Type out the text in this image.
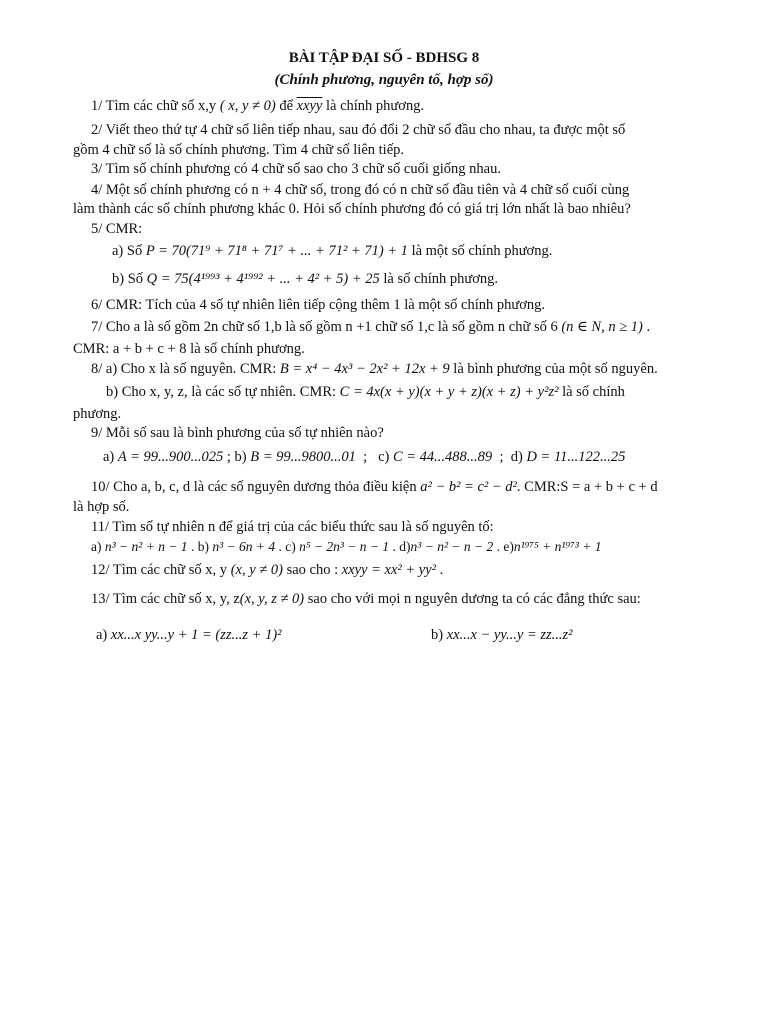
BÀI TẬP ĐẠI SỐ - BDHSG 8

(Chính phương, nguyên tố, hợp số)

1/ Tìm các chữ số x,y ( x, y ≠ 0) để xxyy là chính phương.

2/ Viết theo thứ tự 4 chữ số liên tiếp nhau, sau đó đổi 2 chữ số đầu cho nhau, ta được một số

gồm 4 chữ số là số chính phương. Tìm 4 chữ số liên tiếp.

3/ Tìm số chính phương có 4 chữ số sao cho 3 chữ số cuối giống nhau.

4/ Một số chính phương có n + 4 chữ số, trong đó có n chữ số đầu tiên và 4 chữ số cuối cùng

làm thành các số chính phương khác 0. Hỏi số chính phương đó có giá trị lớn nhất là bao nhiêu?

5/ CMR:

a) Số P = 70(71⁹ + 71⁸ + 71⁷ + ... + 71² + 71) + 1 là một số chính phương.

b) Số Q = 75(4¹⁹⁹³ + 4¹⁹⁹² + ... + 4² + 5) + 25 là số chính phương.

6/ CMR: Tích của 4 số tự nhiên liên tiếp cộng thêm 1 là một số chính phương.

7/ Cho a là số gồm 2n chữ số 1,b là số gồm n +1 chữ số 1,c là số gồm n chữ số 6 (n ∈ N, n ≥ 1) .

CMR: a + b + c + 8 là số chính phương.

8/ a) Cho x là số nguyên. CMR: B = x⁴ − 4x³ − 2x² + 12x + 9 là bình phương của một số nguyên.

b) Cho x, y, z, là các số tự nhiên. CMR: C = 4x(x + y)(x + y + z)(x + z) + y²z² là số chính

phương.

9/ Mỗi số sau là bình phương của số tự nhiên nào?

a) A = 99...900...025 ; b) B = 99...9800...01 ; c) C = 44...488...89 ; d) D = 11...122...25

10/ Cho a, b, c, d là các số nguyên dương thỏa điều kiện a² − b² = c² − d². CMR:S = a + b + c + d

là hợp số.

11/ Tìm số tự nhiên n để giá trị của các biểu thức sau là số nguyên tố:

a) n³ − n² + n − 1 . b) n³ − 6n + 4 . c) n⁵ − 2n³ − n − 1 . d)n³ − n² − n − 2 . e)n¹⁹⁷⁵ + n¹⁹⁷³ + 1

12/ Tìm các chữ số x, y (x, y ≠ 0) sao cho : xxyy = xx² + yy² .

13/ Tìm các chữ số x, y, z(x, y, z ≠ 0) sao cho với mọi n nguyên dương ta có các đẳng thức sau:

a) xx...x yy...y + 1 = (zz...z + 1)²	b) xx...x − yy...y = zz...z²
